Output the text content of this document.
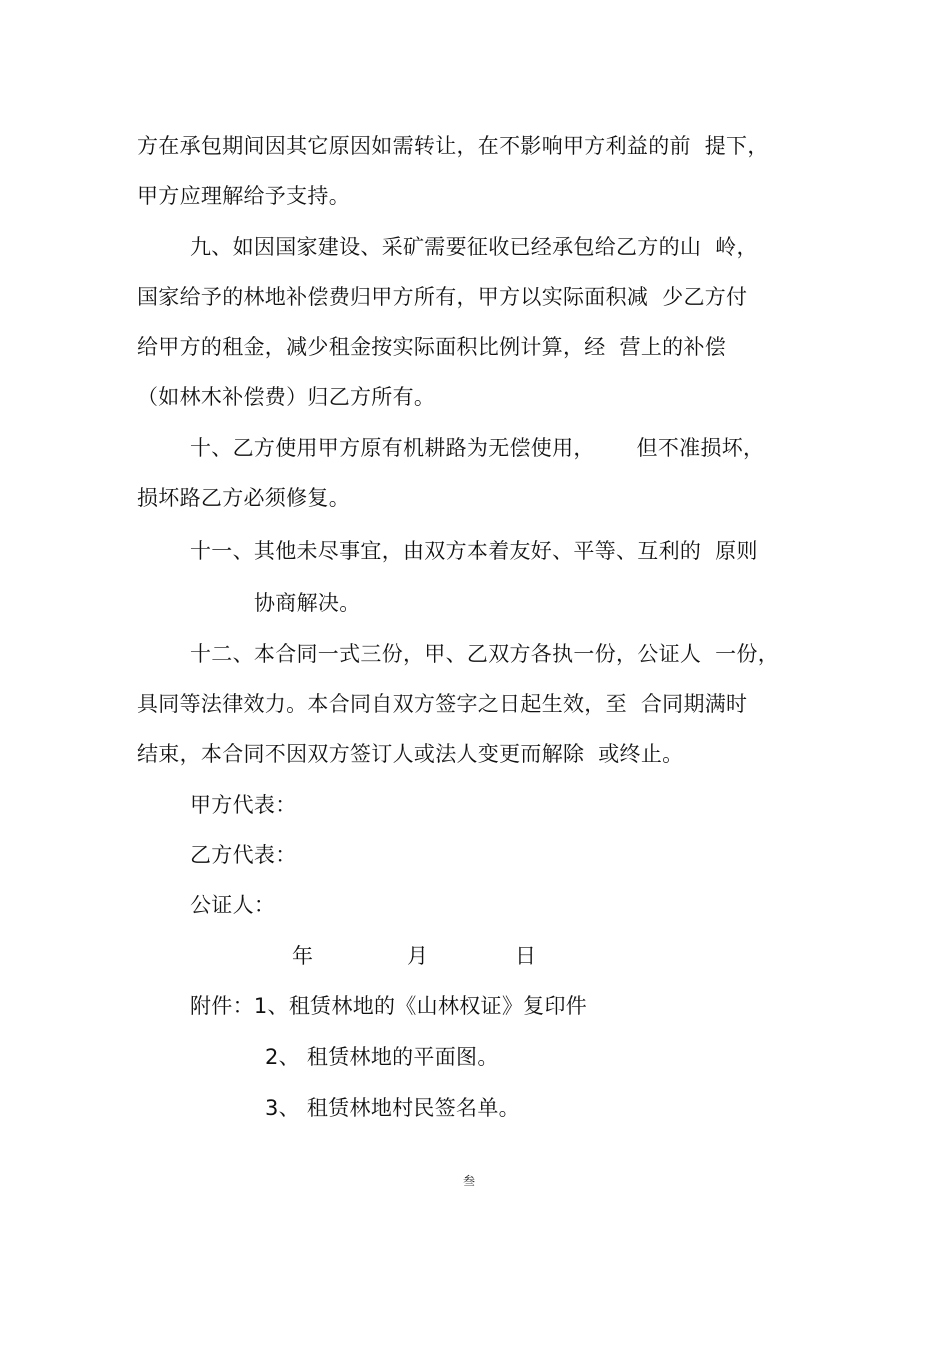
方在承包期间因其它原因如需转让，在不影响甲方利益的前  提下，
甲方应理解给予支持。
九、如因国家建设、采矿需要征收已经承包给乙方的山  岭，
国家给予的林地补偿费归甲方所有，甲方以实际面积减  少乙方付
给甲方的租金，减少租金按实际面积比例计算，经  营上的补偿
（如林木补偿费）归乙方所有。
十、乙方使用甲方原有机耕路为无偿使用，      但不准损坏，
损坏路乙方必须修复。
十一、其他未尽事宜，由双方本着友好、平等、互利的  原则
协商解决。
十二、本合同一式三份，甲、乙双方各执一份，公证人  一份，
具同等法律效力。本合同自双方签字之日起生效，至  合同期满时
结束，本合同不因双方签订人或法人变更而解除  或终止。
甲方代表：
乙方代表：
公证人：
年	月	日
附件：1、租赁林地的《山林权证》复印件
2、 租赁林地的平面图。
3、 租赁林地村民签名单。
叁
